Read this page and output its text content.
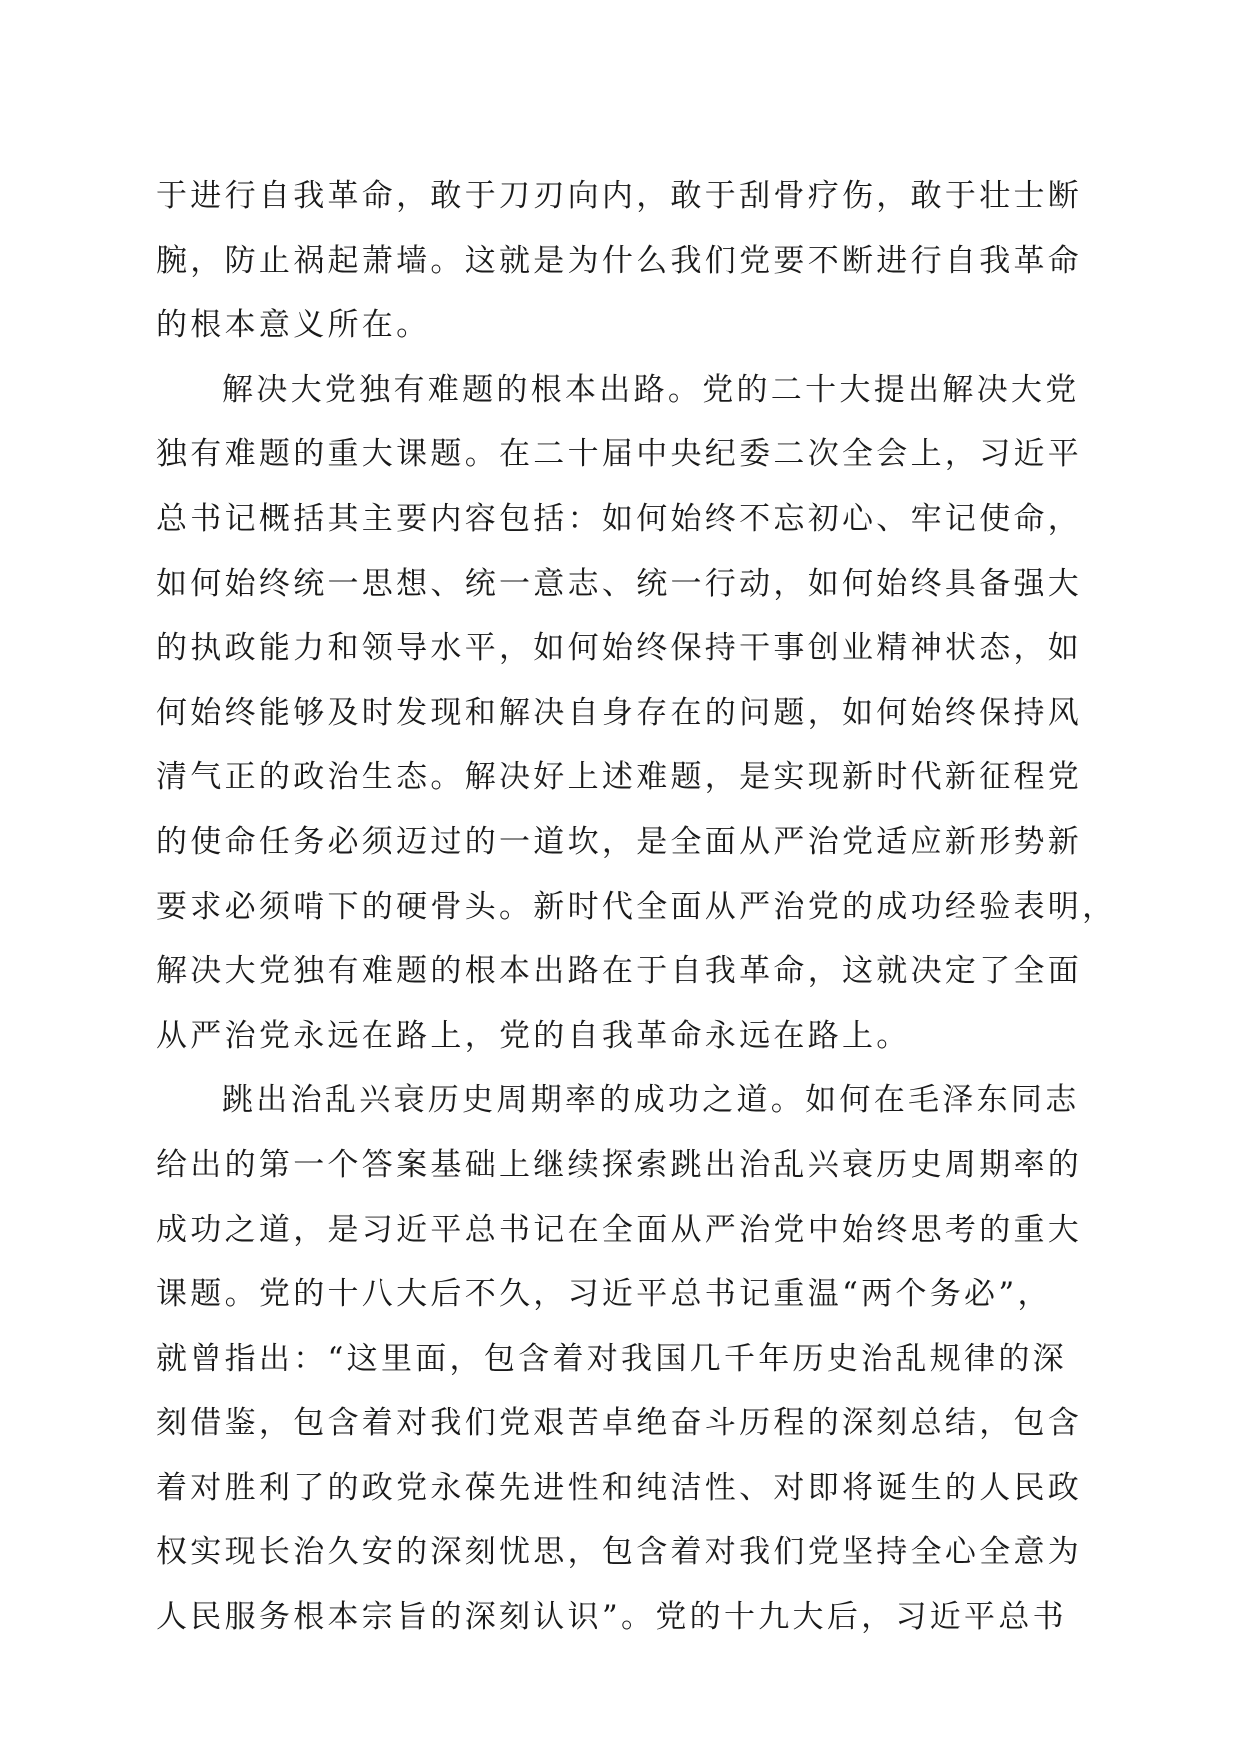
于进行自我革命，敢于刀刃向内，敢于刮骨疗伤，敢于壮士断
腕，防止祸起萧墙。这就是为什么我们党要不断进行自我革命
的根本意义所在。

解决大党独有难题的根本出路。党的二十大提出解决大党
独有难题的重大课题。在二十届中央纪委二次全会上，习近平
总书记概括其主要内容包括：如何始终不忘初心、牢记使命，
如何始终统一思想、统一意志、统一行动，如何始终具备强大
的执政能力和领导水平，如何始终保持干事创业精神状态，如
何始终能够及时发现和解决自身存在的问题，如何始终保持风
清气正的政治生态。解决好上述难题，是实现新时代新征程党
的使命任务必须迈过的一道坎，是全面从严治党适应新形势新
要求必须啃下的硬骨头。新时代全面从严治党的成功经验表明，
解决大党独有难题的根本出路在于自我革命，这就决定了全面
从严治党永远在路上，党的自我革命永远在路上。

跳出治乱兴衰历史周期率的成功之道。如何在毛泽东同志
给出的第一个答案基础上继续探索跳出治乱兴衰历史周期率的
成功之道，是习近平总书记在全面从严治党中始终思考的重大
课题。党的十八大后不久，习近平总书记重温“两个务必”，
就曾指出：“这里面，包含着对我国几千年历史治乱规律的深
刻借鉴，包含着对我们党艰苦卓绝奋斗历程的深刻总结，包含
着对胜利了的政党永葆先进性和纯洁性、对即将诞生的人民政
权实现长治久安的深刻忧思，包含着对我们党坚持全心全意为
人民服务根本宗旨的深刻认识”。党的十九大后，习近平总书
